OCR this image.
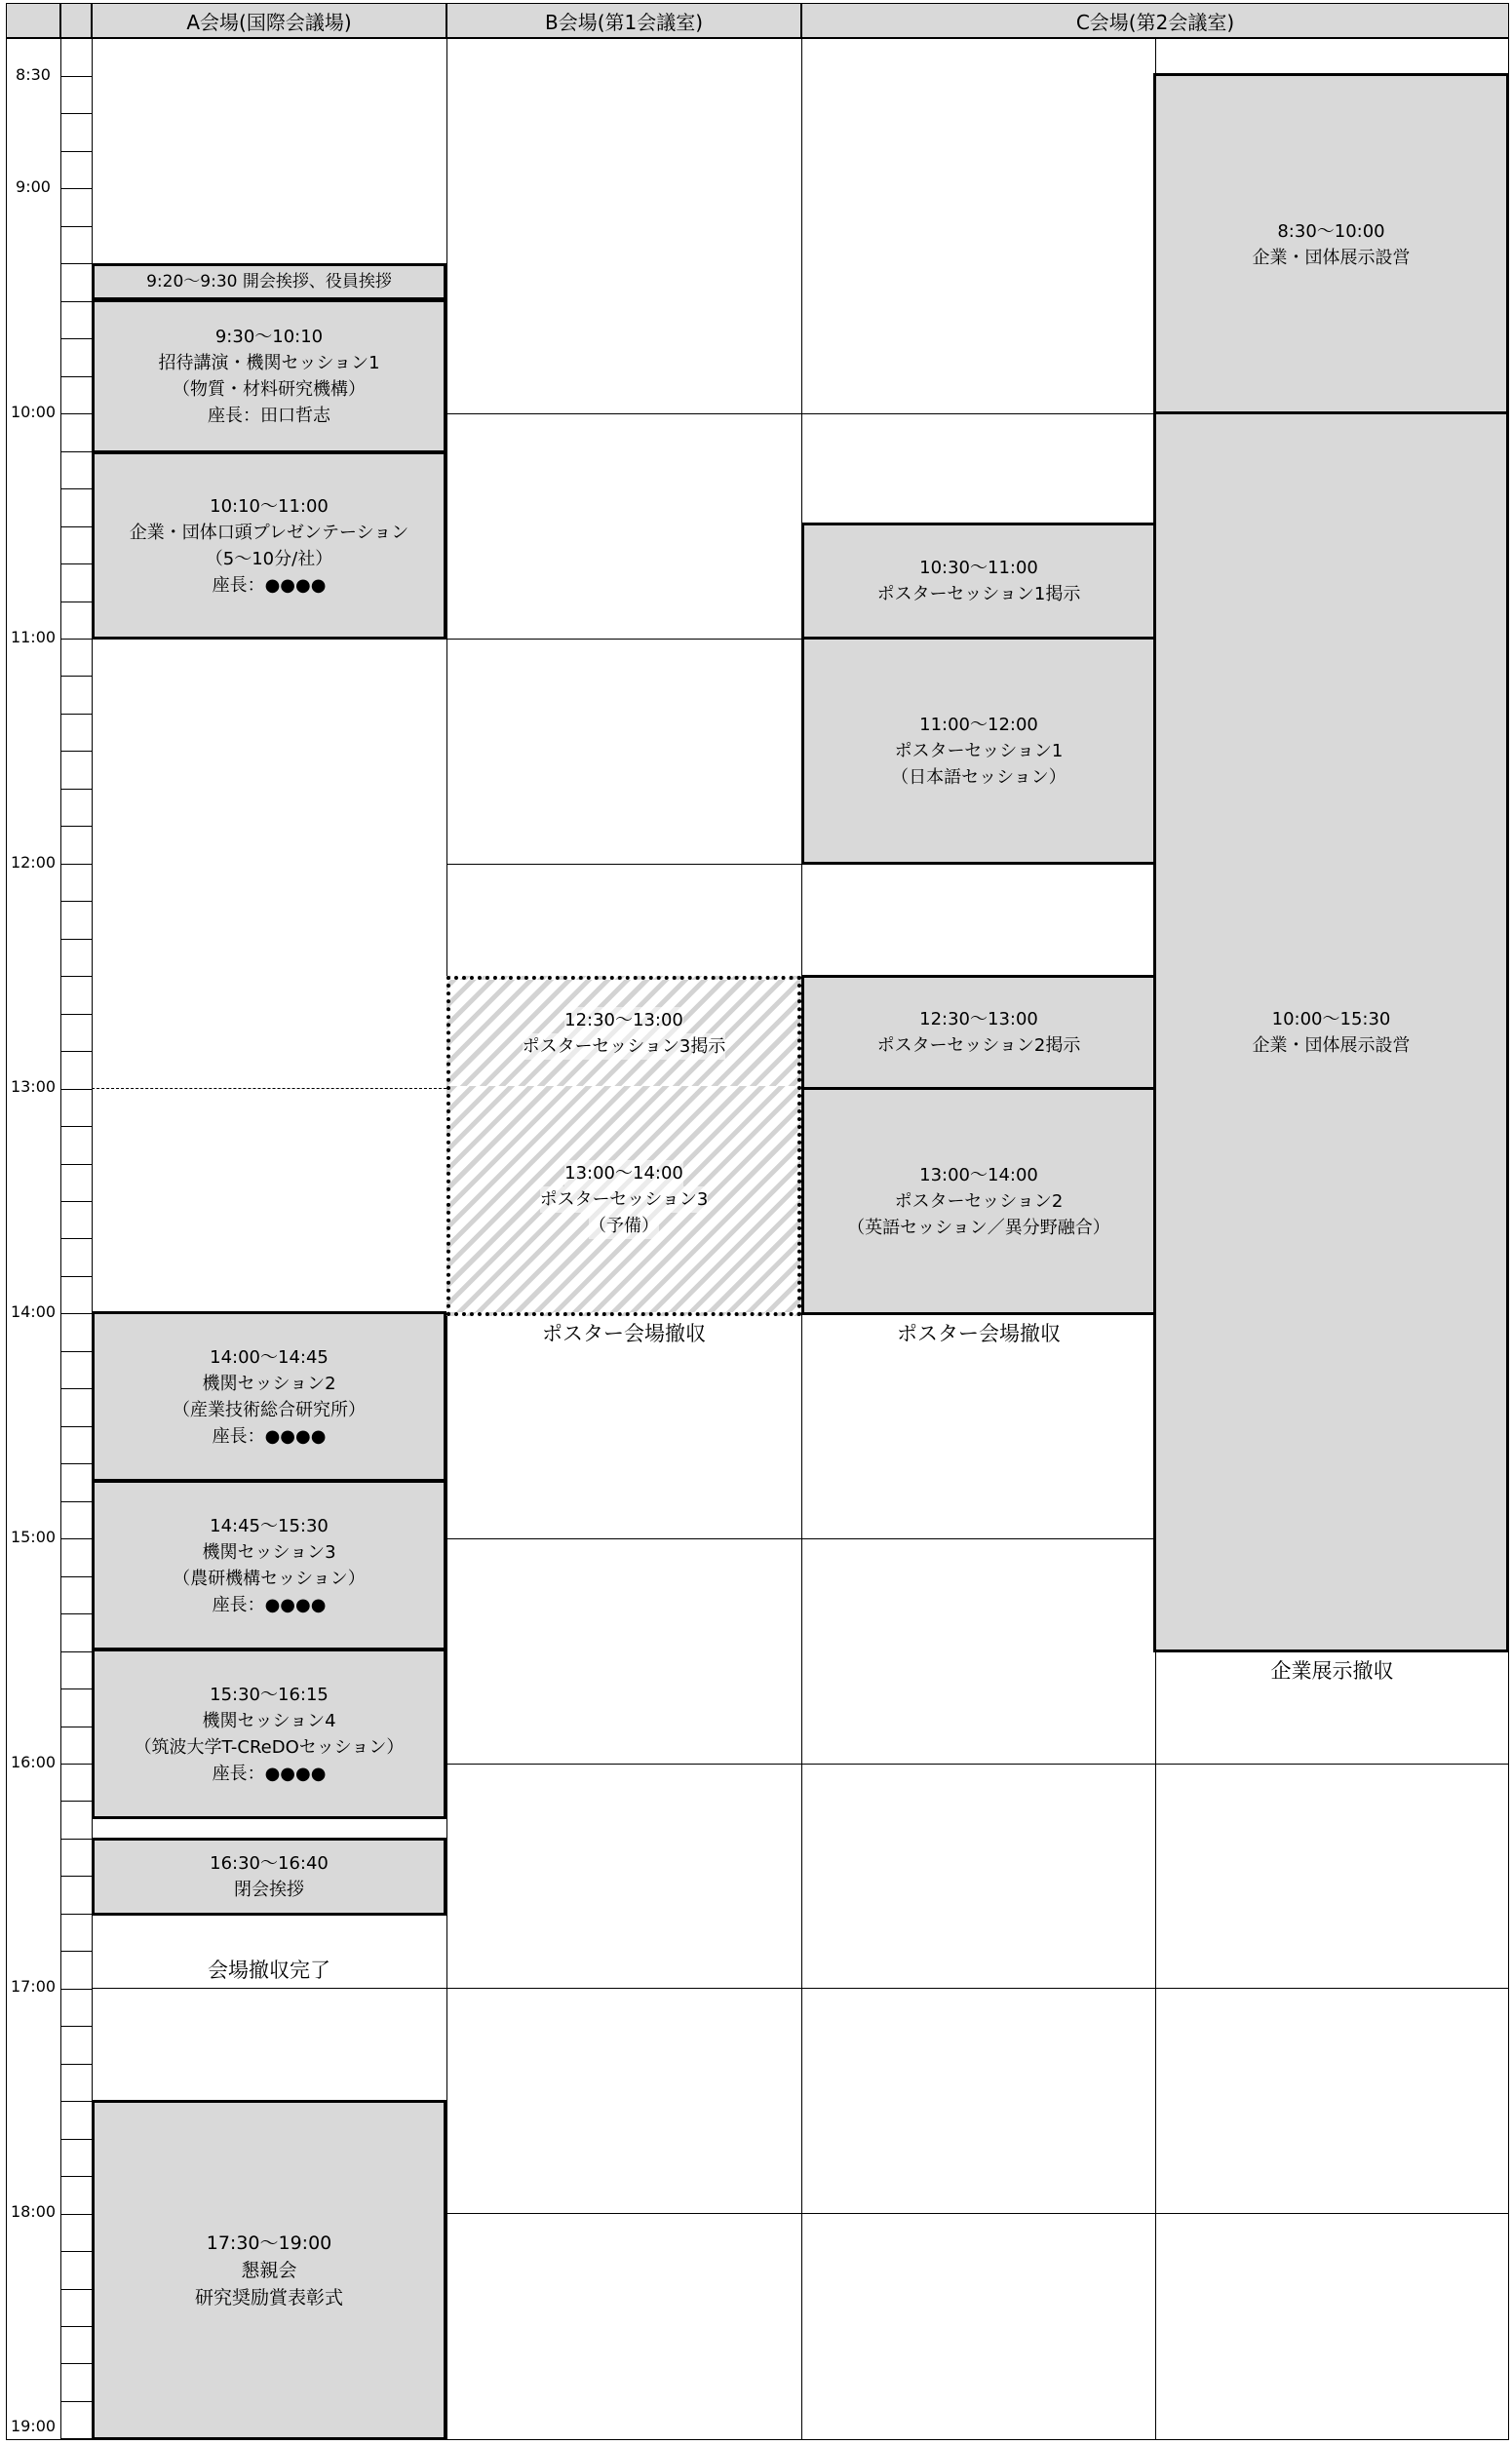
A会場(国際会議場)	B会場(第1会議室)	C会場(第2会議室)
8:30
9:00
10:00
11:00
12:00
13:00
14:00
15:00
16:00
17:00
18:00
19:00
9:20～9:30 開会挨拶、役員挨拶
9:30～10:10
招待講演・機関セッション1
（物質・材料研究機構）
座長：田口哲志
10:10～11:00
企業・団体口頭プレゼンテーション
（5～10分/社）
座長：●●●●
14:00～14:45
機関セッション2
（産業技術総合研究所）
座長：●●●●
14:45～15:30
機関セッション3
（農研機構セッション）
座長：●●●●
15:30～16:15
機関セッション4
（筑波大学T-CReDOセッション）
座長：●●●●
16:30～16:40
閉会挨拶
会場撤収完了
17:30～19:00
懇親会
研究奨励賞表彰式
12:30～13:00
ポスターセッション3掲示
13:00～14:00
ポスターセッション3
（予備）
ポスター会場撤収
10:30～11:00
ポスターセッション1掲示
11:00～12:00
ポスターセッション1
（日本語セッション）
12:30～13:00
ポスターセッション2掲示
13:00～14:00
ポスターセッション2
（英語セッション／異分野融合）
ポスター会場撤収
8:30～10:00
企業・団体展示設営
10:00～15:30
企業・団体展示設営
企業展示撤収
